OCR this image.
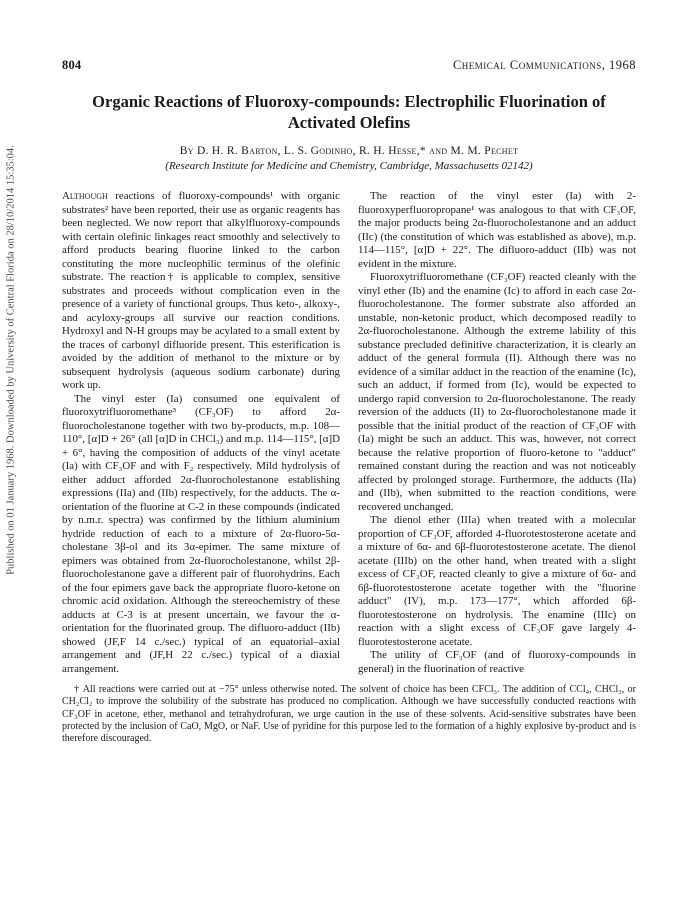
Published on 01 January 1968. Downloaded by University of Central Florida on 28/10/2014 15:35:04.
804	Chemical Communications, 1968
Organic Reactions of Fluoroxy-compounds: Electrophilic Fluorination of Activated Olefins
By D. H. R. Barton, L. S. Godinho, R. H. Hesse,* and M. M. Pechet
(Research Institute for Medicine and Chemistry, Cambridge, Massachusetts 02142)

Although reactions of fluoroxy-compounds¹ with organic substrates² have been reported, their use as organic reagents has been neglected. We now report that alkylfluoroxy-compounds with certain olefinic linkages react smoothly and selectively to afford products bearing fluorine linked to the carbon constituting the more nucleophilic terminus of the olefinic substrate. The reaction† is applicable to complex, sensitive substrates and proceeds without complication even in the presence of a variety of functional groups. Thus keto-, alkoxy-, and acyloxy-groups all survive our reaction conditions. Hydroxyl and N-H groups may be acylated to a small extent by the traces of carbonyl difluoride present. This esterification is avoided by the addition of methanol to the mixture or by subsequent hydrolysis (aqueous sodium carbonate) during work up.

The vinyl ester (Ia) consumed one equivalent of fluoroxytrifluoromethane³ (CF₃OF) to afford 2α-fluorocholestanone together with two by-products, m.p. 108—110°, [α]D + 26° (all [α]D in CHCl₃) and m.p. 114—115°, [α]D + 6°, having the composition of adducts of the vinyl acetate (Ia) with CF₃OF and with F₂ respectively. Mild hydrolysis of either adduct afforded 2α-fluorocholestanone establishing expressions (IIa) and (IIb) respectively, for the adducts. The α-orientation of the fluorine at C-2 in these compounds (indicated by n.m.r. spectra) was confirmed by the lithium aluminium hydride reduction of each to a mixture of 2α-fluoro-5α-cholestane 3β-ol and its 3α-epimer. The same mixture of epimers was obtained from 2α-fluorocholestanone, whilst 2β-fluorocholestanone gave a different pair of fluorohydrins. Each of the four epimers gave back the appropriate fluoro-ketone on chromic acid oxidation. Although the stereochemistry of these adducts at C-3 is at present uncertain, we favour the α-orientation for the fluorinated group. The difluoro-adduct (IIb) showed (JF,F 14 c./sec.) typical of an equatorial–axial arrangement and (JF,H 22 c./sec.) typical of a diaxial arrangement.

The reaction of the vinyl ester (Ia) with 2-fluoroxyperfluoropropane¹ was analogous to that with CF₃OF, the major products being 2α-fluorocholestanone and an adduct (IIc) (the constitution of which was established as above), m.p. 114—115°, [α]D + 22°. The difluoro-adduct (IIb) was not evident in the mixture.

Fluoroxytrifluoromethane (CF₃OF) reacted cleanly with the vinyl ether (Ib) and the enamine (Ic) to afford in each case 2α-fluorocholestanone. The former substrate also afforded an unstable, non-ketonic product, which decomposed readily to 2α-fluorocholestanone. Although the extreme lability of this substance precluded definitive characterization, it is clearly an adduct of the general formula (II). Although there was no evidence of a similar adduct in the reaction of the enamine (Ic), such an adduct, if formed from (Ic), would be expected to undergo rapid conversion to 2α-fluorocholestanone. The ready reversion of the adducts (II) to 2α-fluorocholestanone made it possible that the initial product of the reaction of CF₃OF with (Ia) might be such an adduct. This was, however, not correct because the relative proportion of fluoro-ketone to "adduct" remained constant during the reaction and was not noticeably affected by prolonged storage. Furthermore, the adducts (IIa) and (IIb), when submitted to the reaction conditions, were recovered unchanged.

The dienol ether (IIIa) when treated with a molecular proportion of CF₃OF, afforded 4-fluorotestosterone acetate and a mixture of 6α- and 6β-fluorotestosterone acetate. The dienol acetate (IIIb) on the other hand, when treated with a slight excess of CF₃OF, reacted cleanly to give a mixture of 6α- and 6β-fluorotestosterone acetate together with the "fluorine adduct" (IV), m.p. 173—177°, which afforded 6β-fluorotestosterone on hydrolysis. The enamine (IIIc) on reaction with a slight excess of CF₃OF gave largely 4-fluorotestosterone acetate.

The utility of CF₃OF (and of fluoroxy-compounds in general) in the fluorination of reactive

† All reactions were carried out at −75° unless otherwise noted. The solvent of choice has been CFCl₃. The addition of CCl₄, CHCl₃, or CH₂Cl₂ to improve the solubility of the substrate has produced no complication. Although we have successfully conducted reactions with CF₃OF in acetone, ether, methanol and tetrahydrofuran, we urge caution in the use of these solvents. Acid-sensitive substrates have been protected by the inclusion of CaO, MgO, or NaF. Use of pyridine for this purpose led to the formation of a highly explosive by-product and is therefore discouraged.
